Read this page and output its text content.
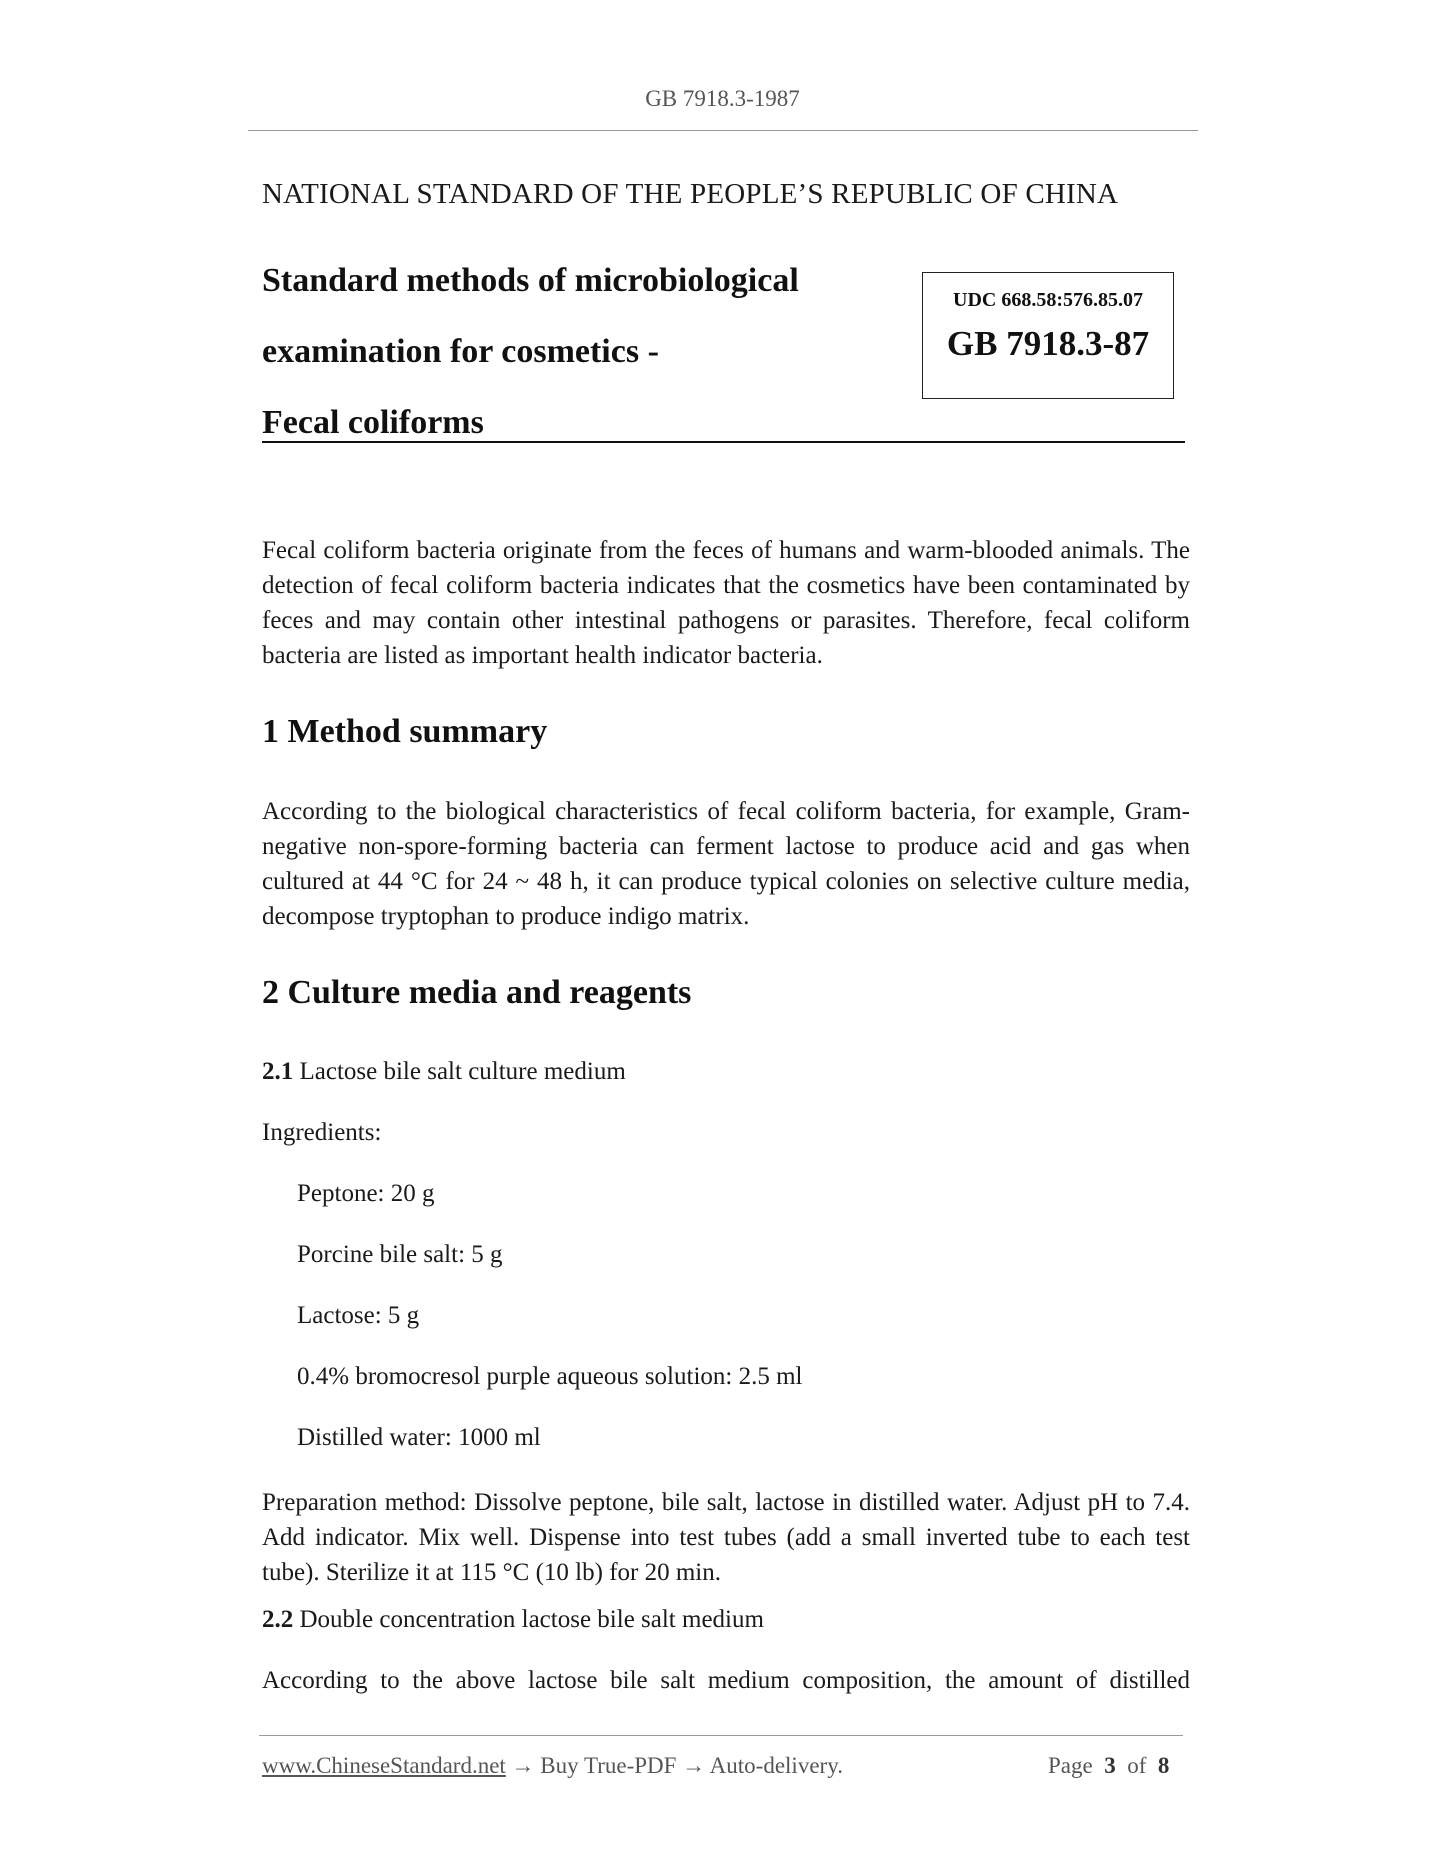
GB 7918.3-1987
NATIONAL STANDARD OF THE PEOPLE’S REPUBLIC OF CHINA
Standard methods of microbiological
examination for cosmetics -
Fecal coliforms
UDC 668.58:576.85.07
GB 7918.3-87
Fecal coliform bacteria originate from the feces of humans and warm-blooded animals. The detection of fecal coliform bacteria indicates that the cosmetics have been contaminated by feces and may contain other intestinal pathogens or parasites. Therefore, fecal coliform bacteria are listed as important health indicator bacteria.
1 Method summary
According to the biological characteristics of fecal coliform bacteria, for example, Gram-negative non-spore-forming bacteria can ferment lactose to produce acid and gas when cultured at 44 °C for 24 ~ 48 h, it can produce typical colonies on selective culture media, decompose tryptophan to produce indigo matrix.
2 Culture media and reagents
2.1 Lactose bile salt culture medium
Ingredients:
Peptone: 20 g
Porcine bile salt: 5 g
Lactose: 5 g
0.4% bromocresol purple aqueous solution: 2.5 ml
Distilled water: 1000 ml
Preparation method: Dissolve peptone, bile salt, lactose in distilled water. Adjust pH to 7.4. Add indicator. Mix well. Dispense into test tubes (add a small inverted tube to each test tube). Sterilize it at 115 °C (10 lb) for 20 min.
2.2 Double concentration lactose bile salt medium
According to the above lactose bile salt medium composition, the amount of distilled
www.ChineseStandard.net → Buy True-PDF → Auto-delivery.	Page 3 of 8
